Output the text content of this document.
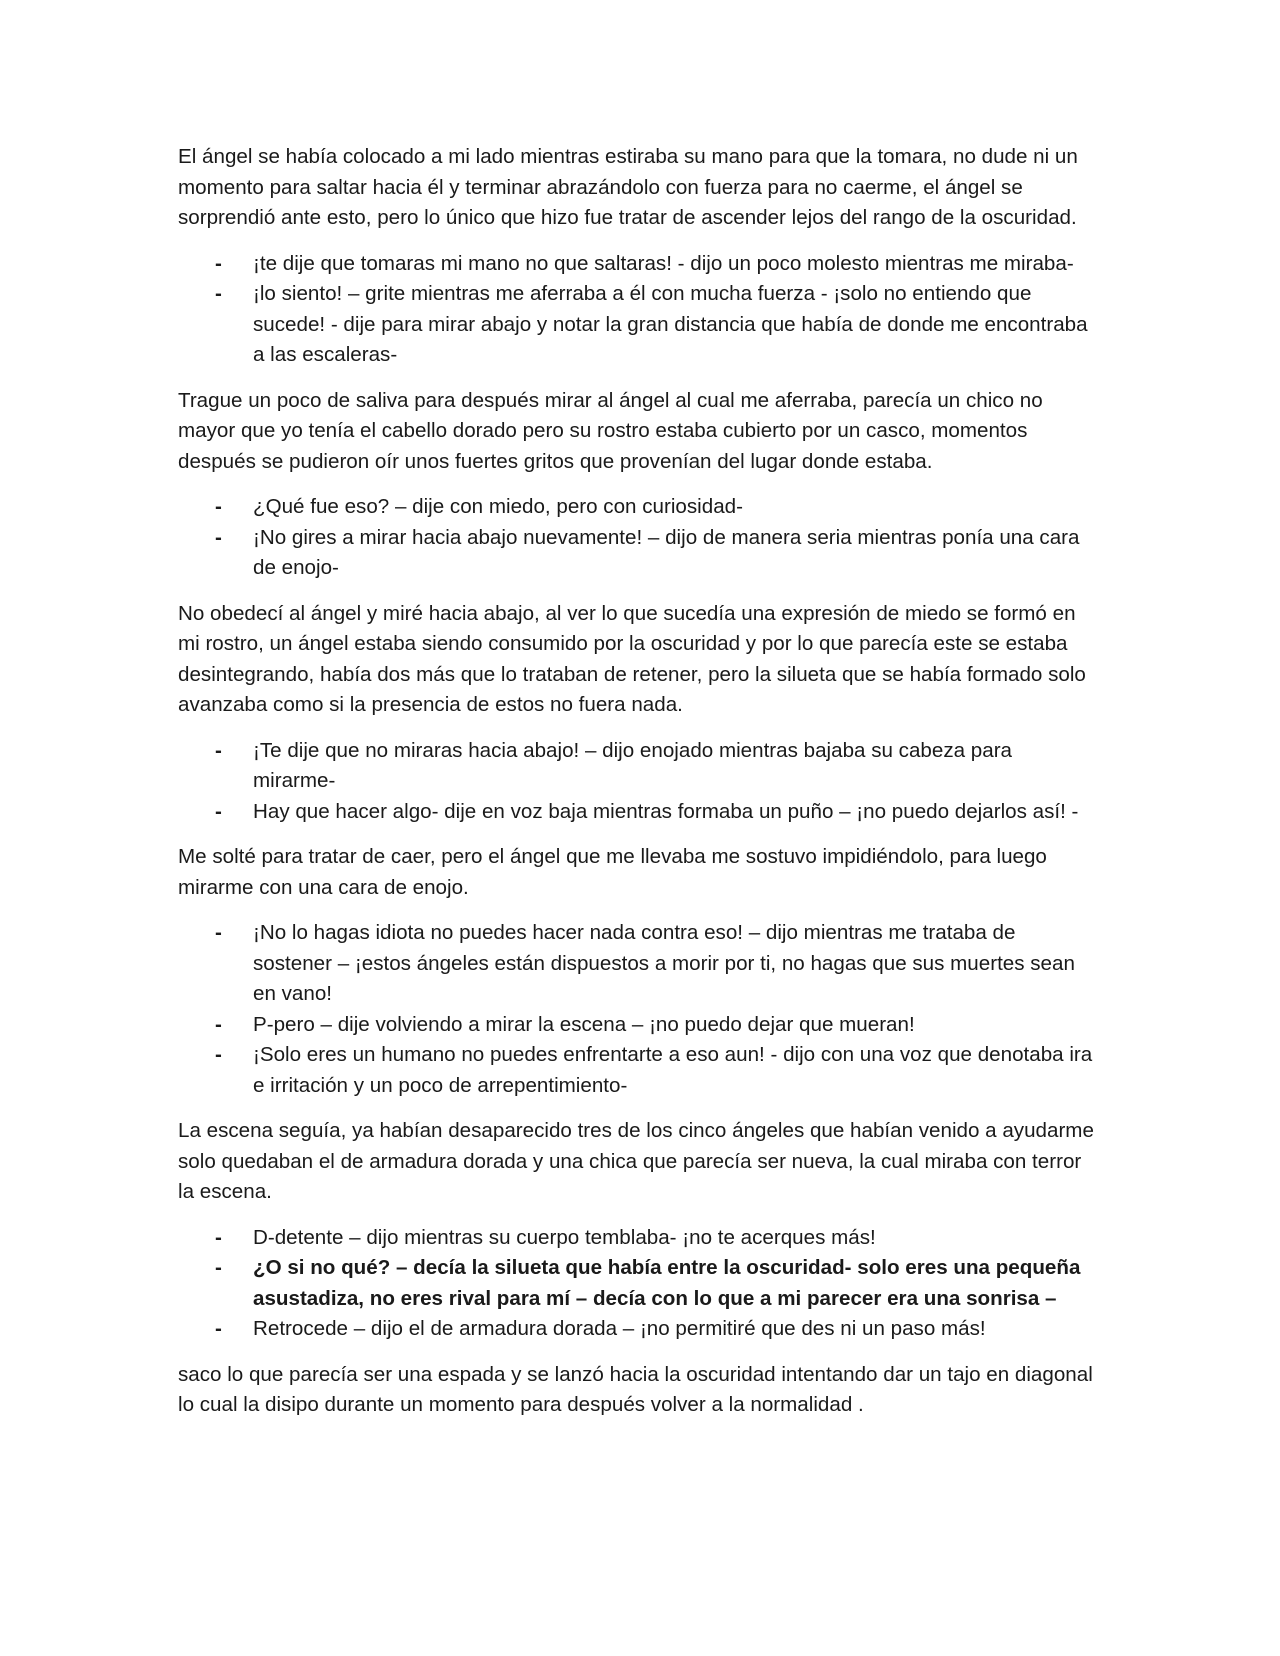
El ángel se había colocado a mi lado mientras estiraba su mano para que la tomara, no dude ni un momento para saltar hacia él y terminar abrazándolo con fuerza para no caerme, el ángel se sorprendió ante esto, pero lo único que hizo fue tratar de ascender lejos del rango de la oscuridad.

- ¡te dije que tomaras mi mano no que saltaras! - dijo un poco molesto mientras me miraba-
- ¡lo siento! – grite mientras me aferraba a él con mucha fuerza - ¡solo no entiendo que sucede! - dije para mirar abajo y notar la gran distancia que había de donde me encontraba a las escaleras-

Trague un poco de saliva para después mirar al ángel al cual me aferraba, parecía un chico no mayor que yo tenía el cabello dorado pero su rostro estaba cubierto por un casco, momentos después se pudieron oír unos fuertes gritos que provenían del lugar donde estaba.

- ¿Qué fue eso? – dije con miedo, pero con curiosidad-
- ¡No gires a mirar hacia abajo nuevamente! – dijo de manera seria mientras ponía una cara de enojo-

No obedecí al ángel y miré hacia abajo, al ver lo que sucedía una expresión de miedo se formó en mi rostro, un ángel estaba siendo consumido por la oscuridad y por lo que parecía este se estaba desintegrando, había dos más que lo trataban de retener, pero la silueta que se había formado solo avanzaba como si la presencia de estos no fuera nada.

- ¡Te dije que no miraras hacia abajo! – dijo enojado mientras bajaba su cabeza para mirarme-
- Hay que hacer algo- dije en voz baja mientras formaba un puño – ¡no puedo dejarlos así! -

Me solté para tratar de caer, pero el ángel que me llevaba me sostuvo impidiéndolo, para luego mirarme con una cara de enojo.

- ¡No lo hagas idiota no puedes hacer nada contra eso! – dijo mientras me trataba de sostener – ¡estos ángeles están dispuestos a morir por ti, no hagas que sus muertes sean en vano!
- P-pero – dije volviendo a mirar la escena – ¡no puedo dejar que mueran!
- ¡Solo eres un humano no puedes enfrentarte a eso aun! - dijo con una voz que denotaba ira e irritación y un poco de arrepentimiento-

La escena seguía, ya habían desaparecido tres de los cinco ángeles que habían venido a ayudarme solo quedaban el de armadura dorada y una chica que parecía ser nueva, la cual miraba con terror la escena.

- D-detente – dijo mientras su cuerpo temblaba- ¡no te acerques más!
- ¿O si no qué? – decía la silueta que había entre la oscuridad- solo eres una pequeña asustadiza, no eres rival para mí – decía con lo que a mi parecer era una sonrisa –
- Retrocede – dijo el de armadura dorada – ¡no permitiré que des ni un paso más!

saco lo que parecía ser una espada y se lanzó hacia la oscuridad intentando dar un tajo en diagonal lo cual la disipo durante un momento para después volver a la normalidad .
